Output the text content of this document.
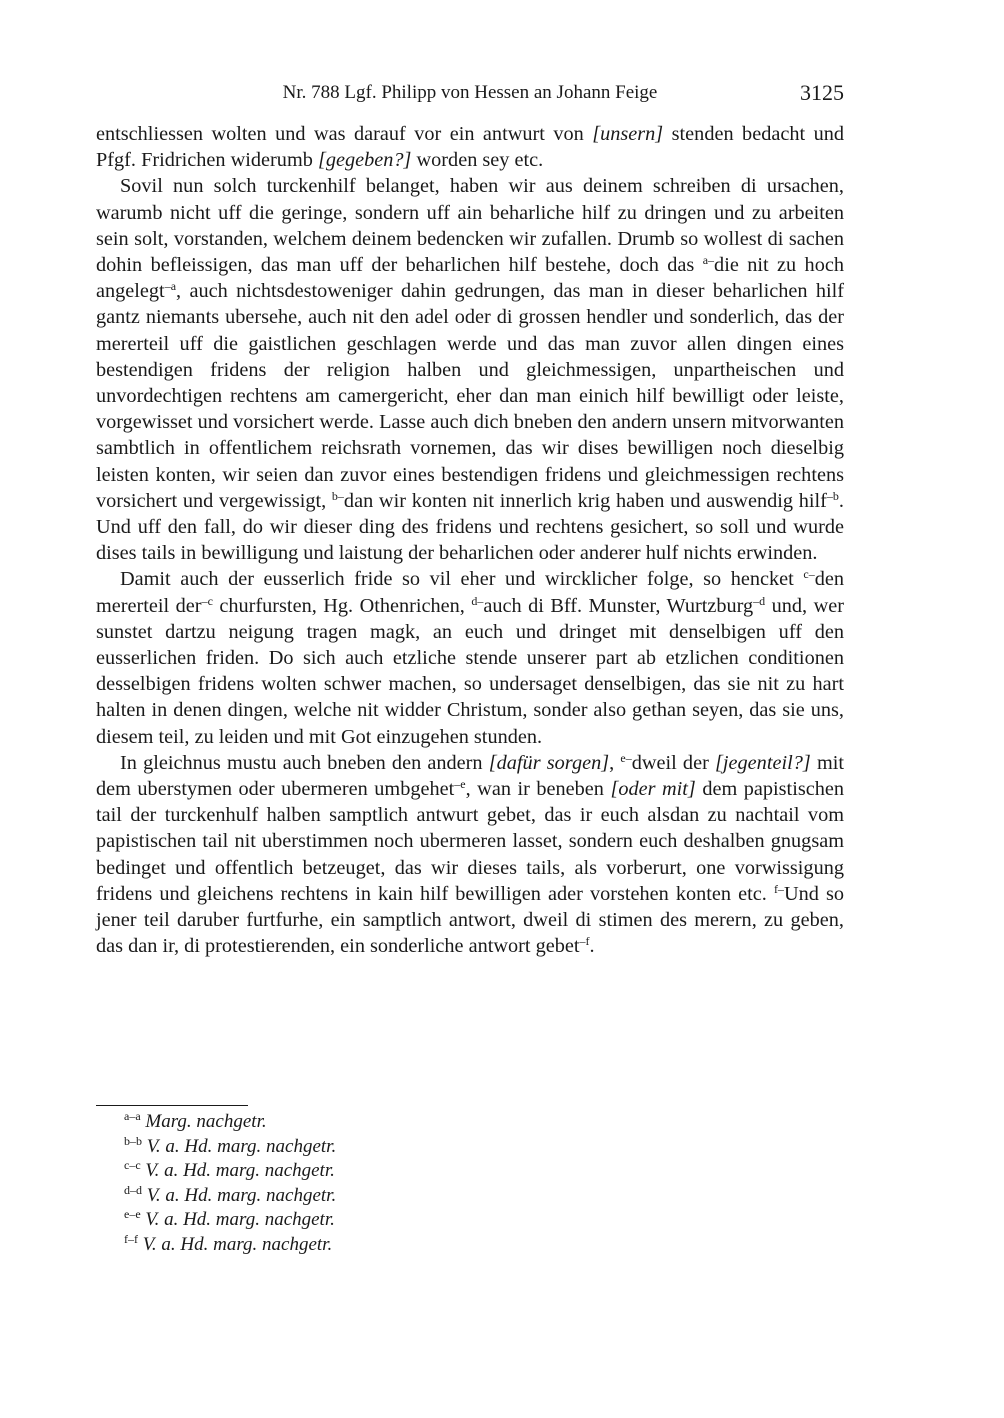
Nr. 788 Lgf. Philipp von Hessen an Johann Feige	3125

entschliessen wolten und was darauf vor ein antwurt von [unsern] stenden bedacht und Pfgf. Fridrichen widerumb [gegeben?] worden sey etc.

Sovil nun solch turckenhilf belanget, haben wir aus deinem schreiben di ursachen, warumb nicht uff die geringe, sondern uff ain beharliche hilf zu dringen und zu arbeiten sein solt, vorstanden, welchem deinem bedencken wir zufallen. Drumb so wollest di sachen dohin befleissigen, das man uff der beharlichen hilf bestehe, doch das $^{a-}$die nit zu hoch angelegt$^{-a}$, auch nichtsdestoweniger dahin gedrungen, das man in dieser beharlichen hilf gantz niemants ubersehe, auch nit den adel oder di grossen hendler und sonderlich, das der mererteil uff die gaistlichen geschlagen werde und das man zuvor allen dingen eines bestendigen fridens der religion halben und gleichmessigen, unpartheischen und unvordechtigen rechtens am camergericht, eher dan man einich hilf bewilligt oder leiste, vorgewisset und vorsichert werde. Lasse auch dich bneben den andern unsern mitvorwanten sambtlich in offentlichem reichsrath vornemen, das wir dises bewilligen noch dieselbig leisten konten, wir seien dan zuvor eines bestendigen fridens und gleichmessigen rechtens vorsichert und vergewissigt, $^{b-}$dan wir konten nit innerlich krig haben und auswendig hilf$^{-b}$. Und uff den fall, do wir dieser ding des fridens und rechtens gesichert, so soll und wurde dises tails in bewilligung und laistung der beharlichen oder anderer hulf nichts erwinden.

Damit auch der eusserlich fride so vil eher und wircklicher folge, so hencket $^{c-}$den mererteil der$^{-c}$ churfursten, Hg. Othenrichen, $^{d-}$auch di Bff. Munster, Wurtzburg$^{-d}$ und, wer sunstet dartzu neigung tragen magk, an euch und dringet mit denselbigen uff den eusserlichen friden. Do sich auch etzliche stende unserer part ab etzlichen conditionen desselbigen fridens wolten schwer machen, so undersaget denselbigen, das sie nit zu hart halten in denen dingen, welche nit widder Christum, sonder also gethan seyen, das sie uns, diesem teil, zu leiden und mit Got einzugehen stunden.

In gleichnus mustu auch bneben den andern [dafür sorgen], $^{e-}$dweil der [jegenteil?] mit dem uberstymen oder ubermeren umbgehet$^{-e}$, wan ir beneben [oder mit] dem papistischen tail der turckenhulf halben samptlich antwurt gebet, das ir euch alsdan zu nachtail vom papistischen tail nit uberstimmen noch ubermeren lasset, sondern euch deshalben gnugsam bedinget und offentlich betzeuget, das wir dieses tails, als vorberurt, one vorwissigung fridens und gleichens rechtens in kain hilf bewilligen ader vorstehen konten etc. $^{f-}$Und so jener teil daruber furtfurhe, ein samptlich antwort, dweil di stimen des merern, zu geben, das dan ir, di protestierenden, ein sonderliche antwort gebet$^{-f}$.

$^{a-a}$ Marg. nachgetr.
$^{b-b}$ V. a. Hd. marg. nachgetr.
$^{c-c}$ V. a. Hd. marg. nachgetr.
$^{d-d}$ V. a. Hd. marg. nachgetr.
$^{e-e}$ V. a. Hd. marg. nachgetr.
$^{f-f}$ V. a. Hd. marg. nachgetr.
